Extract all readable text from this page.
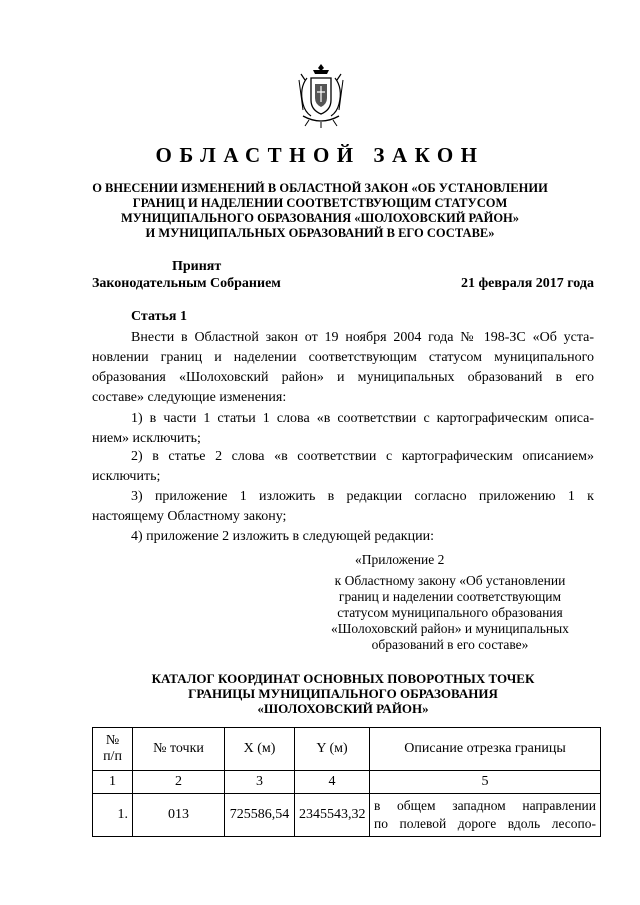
ОБЛАСТНОЙ ЗАКОН
О ВНЕСЕНИИ ИЗМЕНЕНИЙ В ОБЛАСТНОЙ ЗАКОН «ОБ УСТАНОВЛЕНИИ
ГРАНИЦ И НАДЕЛЕНИИ СООТВЕТСТВУЮЩИМ СТАТУСОМ
МУНИЦИПАЛЬНОГО ОБРАЗОВАНИЯ «ШОЛОХОВСКИЙ РАЙОН»
И МУНИЦИПАЛЬНЫХ ОБРАЗОВАНИЙ В ЕГО СОСТАВЕ»
Принят
Законодательным Собранием	21 февраля 2017 года
Статья 1
Внести в Областной закон от 19 ноября 2004 года № 198-ЗС «Об уста-
новлении границ и наделении соответствующим статусом муниципального
образования «Шолоховский район» и муниципальных образований в его
составе» следующие изменения:
1) в части 1 статьи 1 слова «в соответствии с картографическим описа-
нием» исключить;
2) в статье 2 слова «в соответствии с картографическим описанием»
исключить;
3) приложение 1 изложить в редакции согласно приложению 1 к
настоящему Областному закону;
4) приложение 2 изложить в следующей редакции:
«Приложение 2
к Областному закону «Об установлении
границ и наделении соответствующим
статусом муниципального образования
«Шолоховский район» и муниципальных
образований в его составе»
КАТАЛОГ КООРДИНАТ ОСНОВНЫХ ПОВОРОТНЫХ ТОЧЕК
ГРАНИЦЫ МУНИЦИПАЛЬНОГО ОБРАЗОВАНИЯ
«ШОЛОХОВСКИЙ РАЙОН»
№
п/п	№ точки	X (м)	Y (м)	Описание отрезка границы
1	2	3	4	5
1.	013	725586,54	2345543,32	в общем западном направлении
по полевой дороге вдоль лесопо-
